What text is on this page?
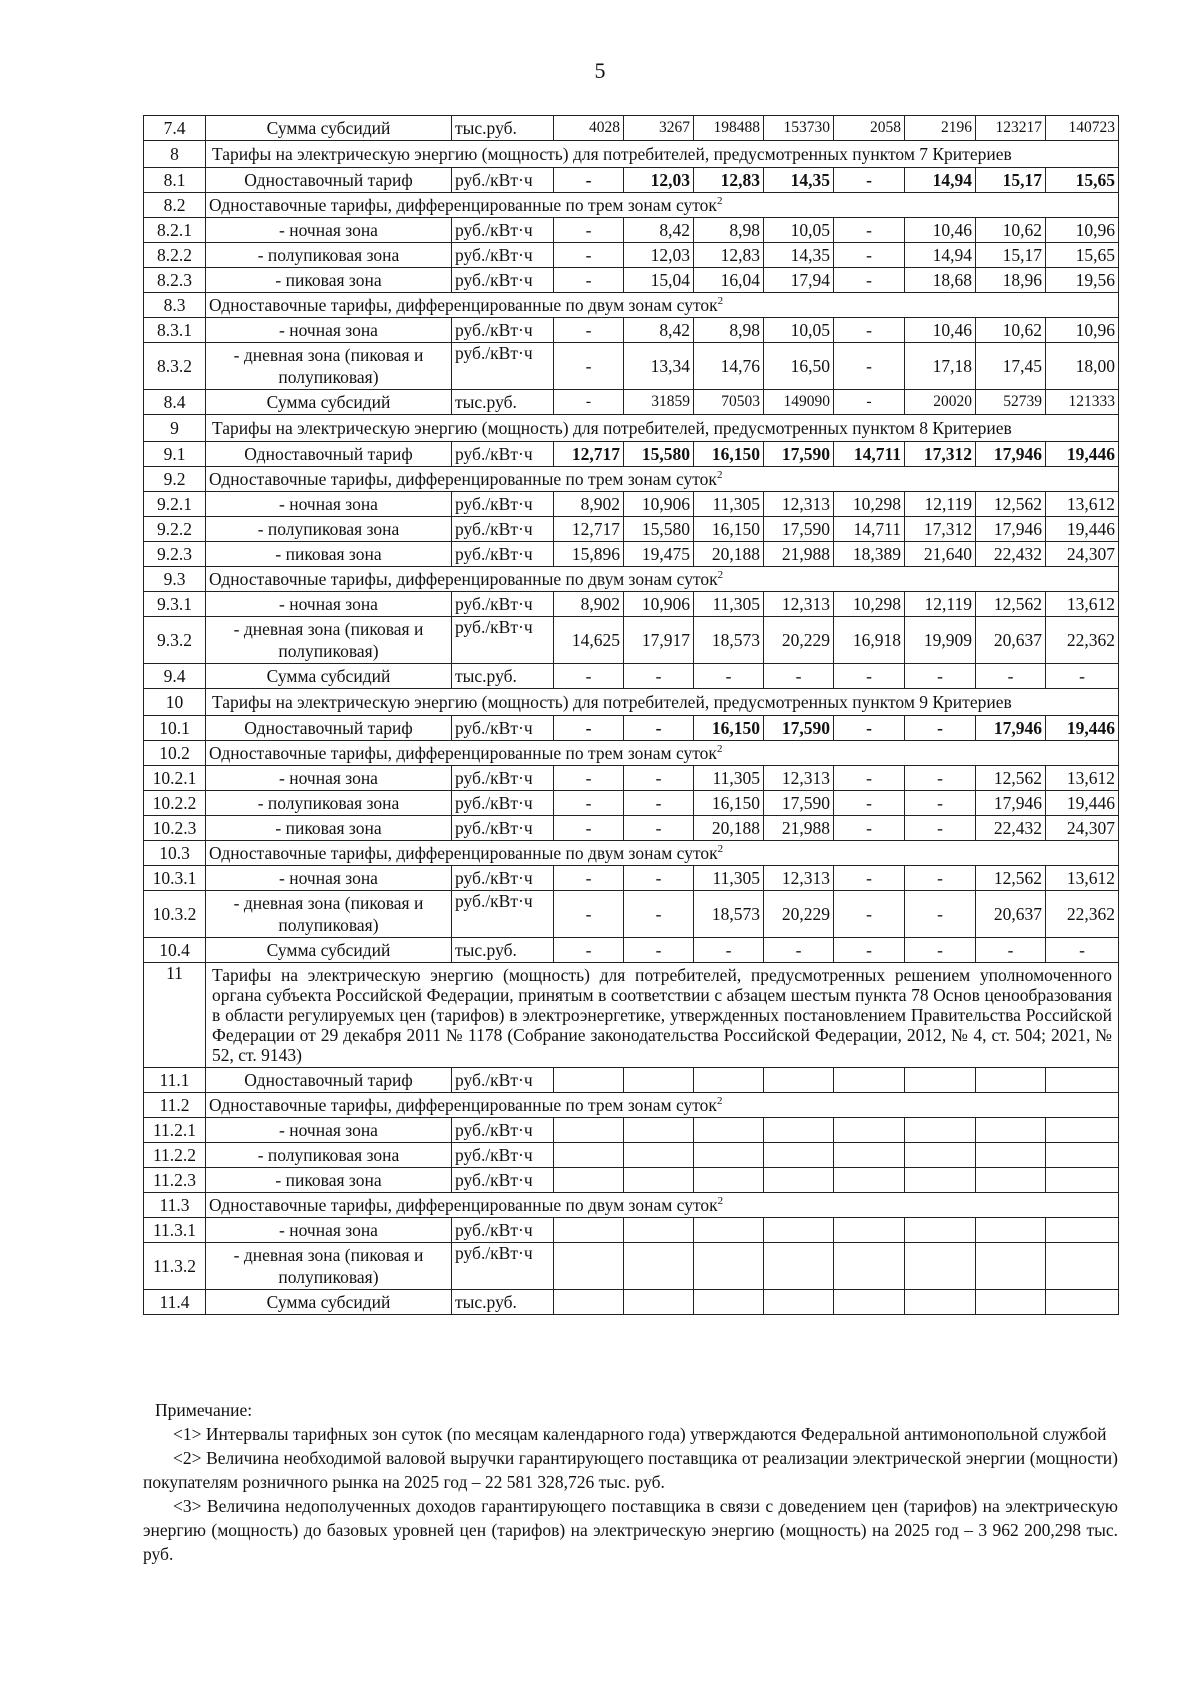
5
7.4	Сумма субсидий	тыс.руб.	4028	3267	198488	153730	2058	2196	123217	140723
8	Тарифы на электрическую энергию (мощность) для потребителей, предусмотренных пунктом 7 Критериев									
8.1	Одноставочный тариф	руб./кВт·ч	-	12,03	12,83	14,35	-	14,94	15,17	15,65
8.2	Одноставочные тарифы, дифференцированные по трем зонам суток$^2$
8.2.1	- ночная зона	руб./кВт·ч	-	8,42	8,98	10,05	-	10,46	10,62	10,96
8.2.2	- полупиковая зона	руб./кВт·ч	-	12,03	12,83	14,35	-	14,94	15,17	15,65
8.2.3	- пиковая зона	руб./кВт·ч	-	15,04	16,04	17,94	-	18,68	18,96	19,56
8.3	Одноставочные тарифы, дифференцированные по двум зонам суток$^2$
8.3.1	- ночная зона	руб./кВт·ч	-	8,42	8,98	10,05	-	10,46	10,62	10,96
8.3.2	- дневная зона (пиковая и полупиковая)	руб./кВт·ч	-	13,34	14,76	16,50	-	17,18	17,45	18,00
8.4	Сумма субсидий	тыс.руб.	-	31859	70503	149090	-	20020	52739	121333
9	Тарифы на электрическую энергию (мощность) для потребителей, предусмотренных пунктом 8 Критериев									
9.1	Одноставочный тариф	руб./кВт·ч	12,717	15,580	16,150	17,590	14,711	17,312	17,946	19,446
9.2	Одноставочные тарифы, дифференцированные по трем зонам суток$^2$
9.2.1	- ночная зона	руб./кВт·ч	8,902	10,906	11,305	12,313	10,298	12,119	12,562	13,612
9.2.2	- полупиковая зона	руб./кВт·ч	12,717	15,580	16,150	17,590	14,711	17,312	17,946	19,446
9.2.3	- пиковая зона	руб./кВт·ч	15,896	19,475	20,188	21,988	18,389	21,640	22,432	24,307
9.3	Одноставочные тарифы, дифференцированные по двум зонам суток$^2$
9.3.1	- ночная зона	руб./кВт·ч	8,902	10,906	11,305	12,313	10,298	12,119	12,562	13,612
9.3.2	- дневная зона (пиковая и полупиковая)	руб./кВт·ч	14,625	17,917	18,573	20,229	16,918	19,909	20,637	22,362
9.4	Сумма субсидий	тыс.руб.	-	-	-	-	-	-	-	-
10	Тарифы на электрическую энергию (мощность) для потребителей, предусмотренных пунктом 9 Критериев									
10.1	Одноставочный тариф	руб./кВт·ч	-	-	16,150	17,590	-	-	17,946	19,446
10.2	Одноставочные тарифы, дифференцированные по трем зонам суток$^2$
10.2.1	- ночная зона	руб./кВт·ч	-	-	11,305	12,313	-	-	12,562	13,612
10.2.2	- полупиковая зона	руб./кВт·ч	-	-	16,150	17,590	-	-	17,946	19,446
10.2.3	- пиковая зона	руб./кВт·ч	-	-	20,188	21,988	-	-	22,432	24,307
10.3	Одноставочные тарифы, дифференцированные по двум зонам суток$^2$
10.3.1	- ночная зона	руб./кВт·ч	-	-	11,305	12,313	-	-	12,562	13,612
10.3.2	- дневная зона (пиковая и полупиковая)	руб./кВт·ч	-	-	18,573	20,229	-	-	20,637	22,362
10.4	Сумма субсидий	тыс.руб.	-	-	-	-	-	-	-	-
11	Тарифы на электрическую энергию (мощность) для потребителей, предусмотренных решением уполномоченного органа субъекта Российской Федерации, принятым в соответствии с абзацем шестым пункта 78 Основ ценообразования в области регулируемых цен (тарифов) в электроэнергетике, утвержденных постановлением Правительства Российской Федерации от 29 декабря 2011 № 1178 (Собрание законодательства Российской Федерации, 2012, № 4, ст. 504; 2021, № 52, ст. 9143)									
11.1	Одноставочный тариф	руб./кВт·ч								
11.2	Одноставочные тарифы, дифференцированные по трем зонам суток$^2$
11.2.1	- ночная зона	руб./кВт·ч								
11.2.2	- полупиковая зона	руб./кВт·ч								
11.2.3	- пиковая зона	руб./кВт·ч								
11.3	Одноставочные тарифы, дифференцированные по двум зонам суток$^2$
11.3.1	- ночная зона	руб./кВт·ч								
11.3.2	- дневная зона (пиковая и полупиковая)	руб./кВт·ч								
11.4	Сумма субсидий	тыс.руб.								

Примечание:

<1> Интервалы тарифных зон суток (по месяцам календарного года) утверждаются Федеральной антимонопольной службой

<2> Величина необходимой валовой выручки гарантирующего поставщика от реализации электрической энергии (мощности) покупателям розничного рынка на 2025 год – 22 581 328,726 тыс. руб.

<3> Величина недополученных доходов гарантирующего поставщика в связи с доведением цен (тарифов) на электрическую энергию (мощность) до базовых уровней цен (тарифов) на электрическую энергию (мощность) на 2025 год – 3 962 200,298 тыс. руб.
